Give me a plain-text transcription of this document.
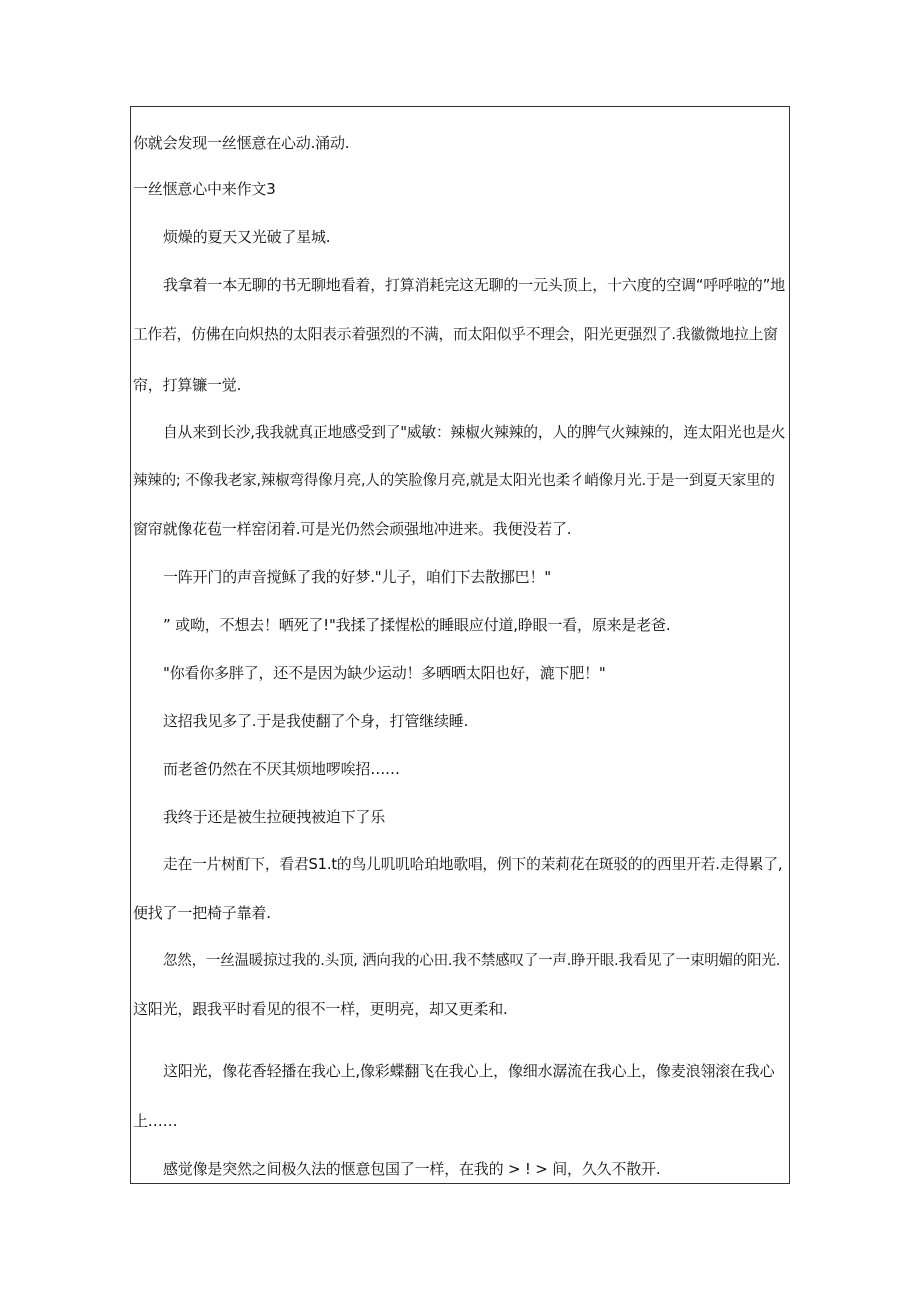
你就会发现一丝惬意在心动.涌动.
一丝惬意心中来作文3
烦燥的夏天又光破了星城.
我拿着一本无聊的书无聊地看着，打算消耗完这无聊的一元头顶上，十六度的空调“呼呼啦的”地
工作若，仿佛在向炽热的太阳表示着强烈的不满，而太阳似乎不理会，阳光更强烈了.我徽微地拉上窗
帘，打算镰一觉.
自从来到长沙,我我就真正地感受到了"威敏：辣椒火辣辣的，人的脾气火辣辣的，连太阳光也是火
辣辣的; 不像我老家,辣椒弯得像月亮,人的笑脸像月亮,就是太阳光也柔彳峭像月光.于是一到夏天家里的
窗帘就像花苞一样窑闭着.可是光仍然会顽强地冲进来。我便没若了.
一阵开门的声音搅稣了我的好梦."儿子，咱们下去散挪巴！"
” 或呦，不想去！晒死了!"我揉了揉惺松的睡眼应付道,睁眼一看，原来是老爸.
"你看你多胖了，还不是因为缺少运动！多晒晒太阳也好，漉下肥！"
这招我见多了.于是我使翻了个身，打管继续睡.
而老爸仍然在不厌其烦地啰唉招……
我终于还是被生拉硬拽被迫下了乐
走在一片树酊下，看君S1.t的鸟儿叽叽哈珀地歌唱，例下的茉莉花在斑驳的的西里开若.走得累了,
便找了一把椅子靠着.
忽然，一丝温暖掠过我的.头顶, 洒向我的心田.我不禁感叹了一声.睁开眼.我看见了一束明媚的阳光.
这阳光，跟我平时看见的很不一样，更明亮，却又更柔和.
这阳光，像花香轻播在我心上,像彩蝶翻飞在我心上，像细水潺流在我心上，像麦浪翎滚在我心
上……
感觉像是突然之间极久法的惬意包国了一样，在我的 > ! > 间，久久不散开.
